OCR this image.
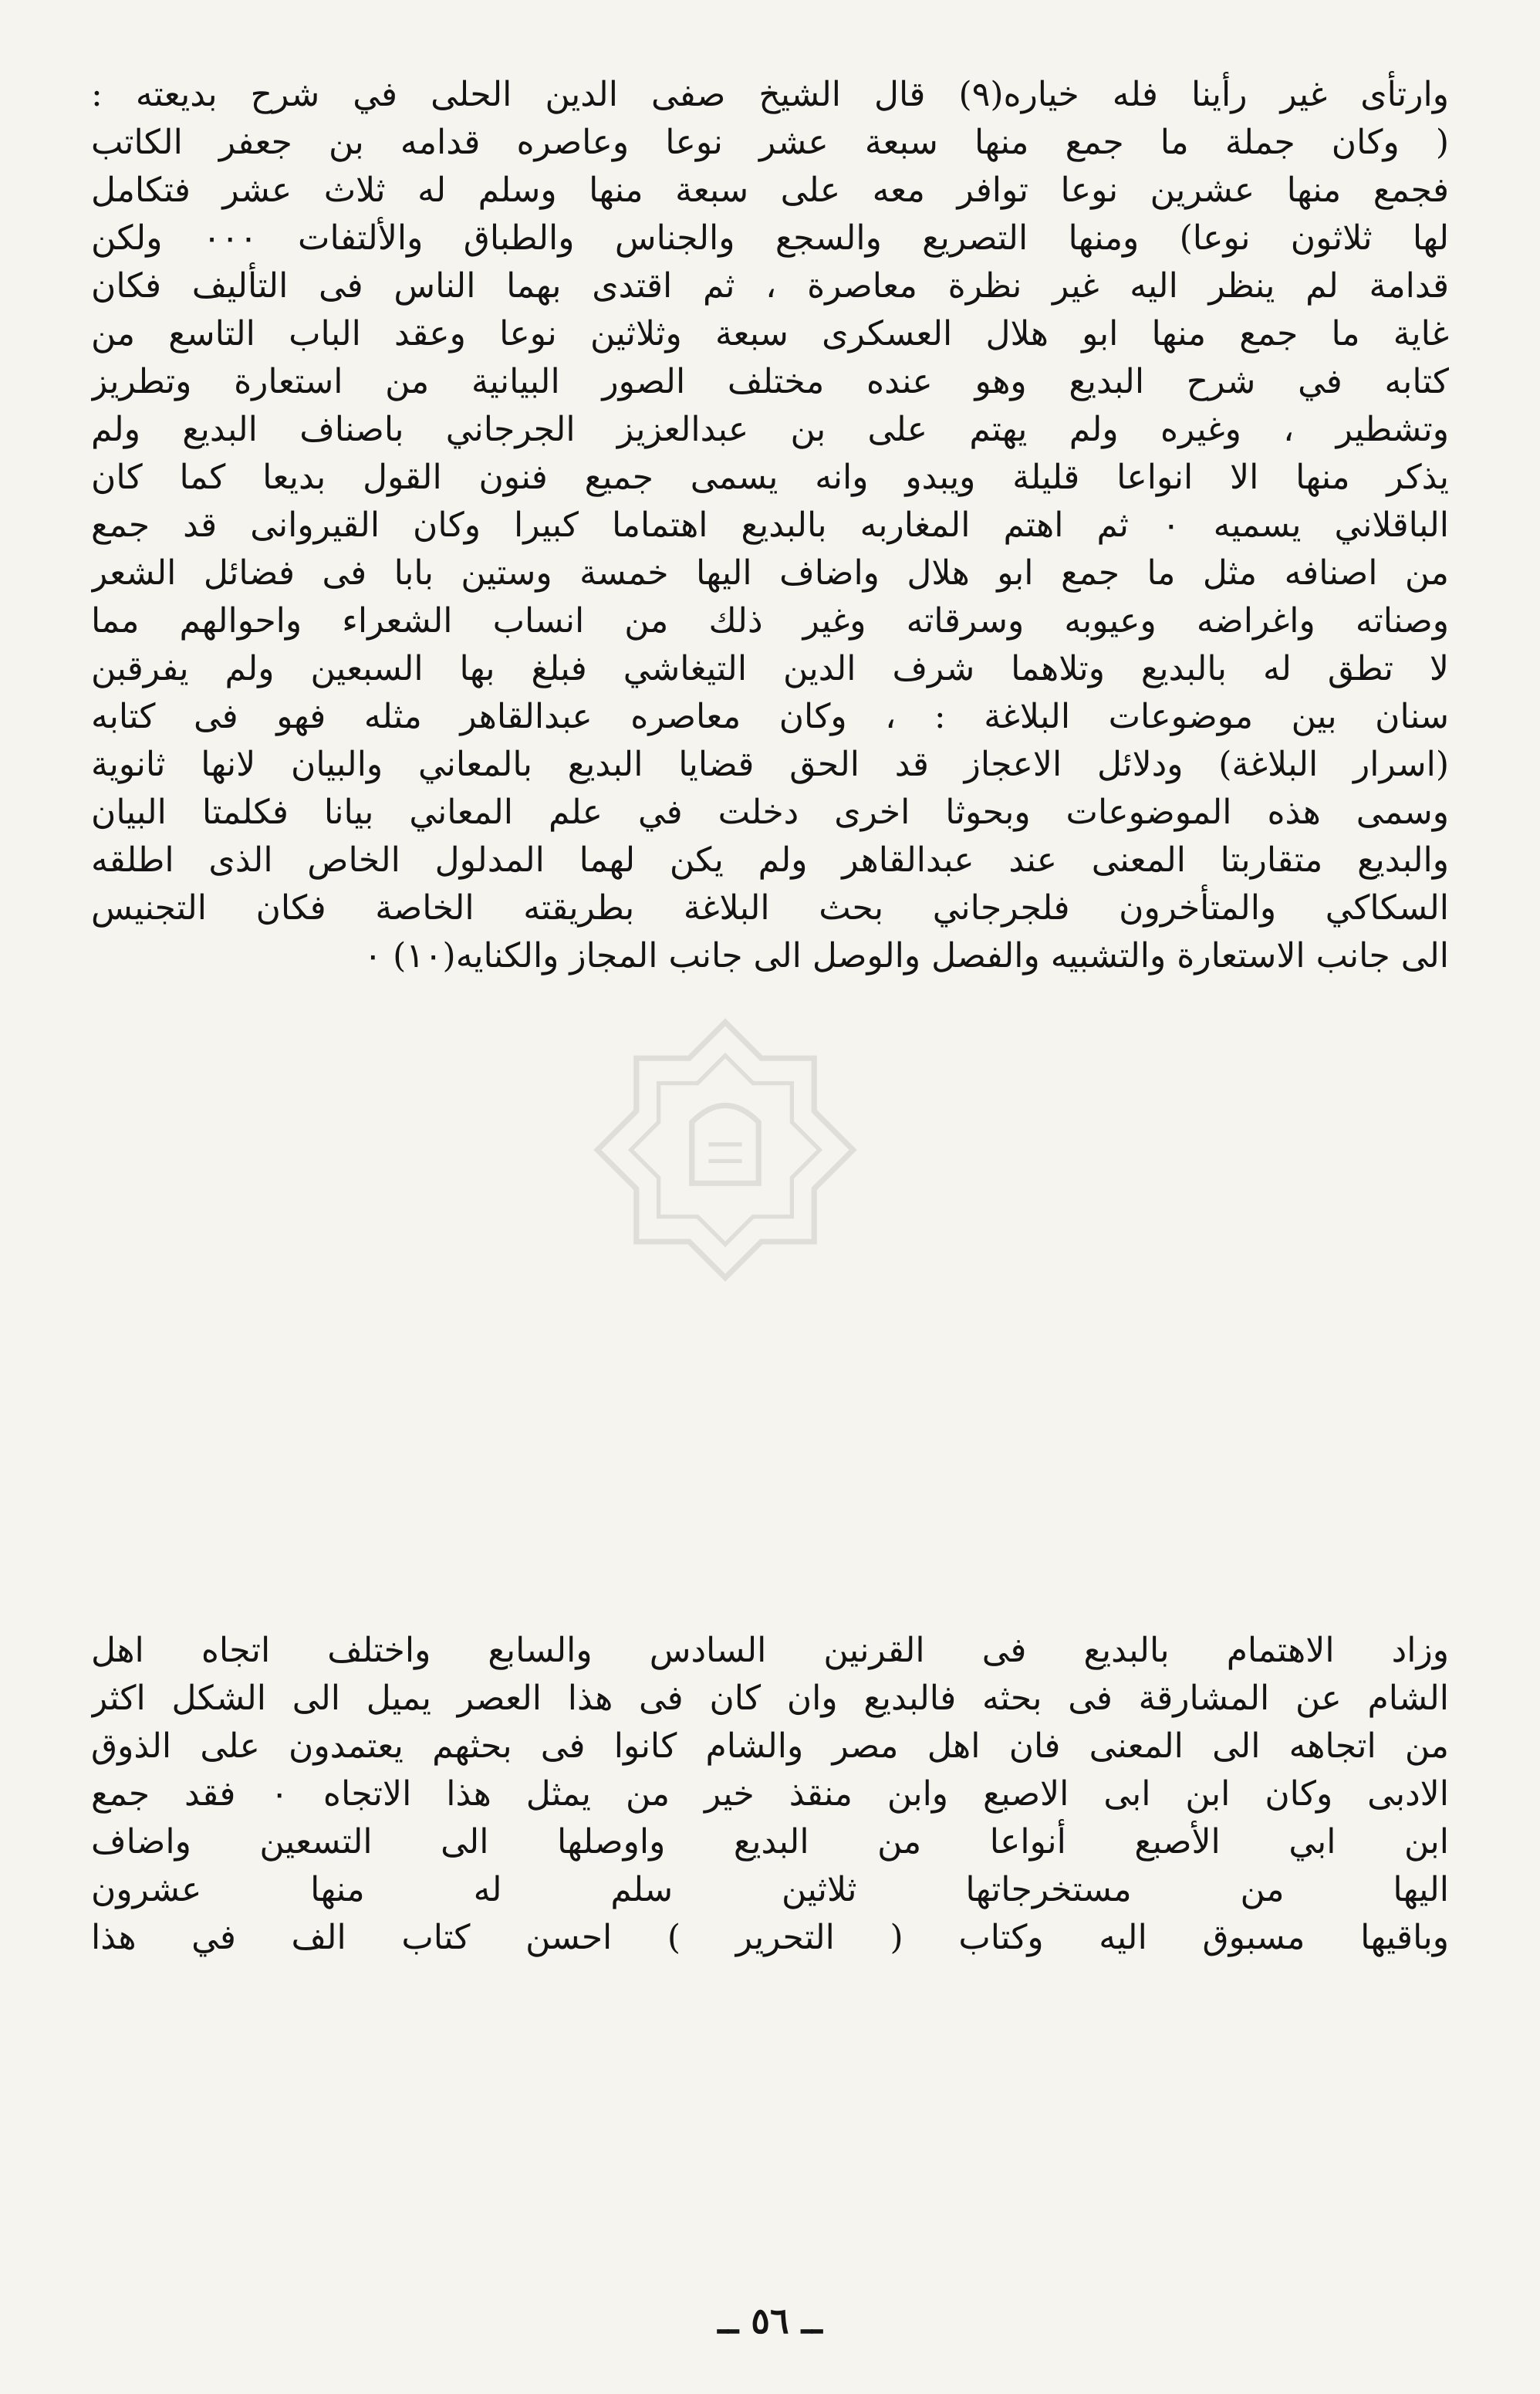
وارتأى غير رأينا فله خياره(٩) قال الشيخ صفى الدين الحلى في شرح بديعته :
( وكان جملة ما جمع منها سبعة عشر نوعا وعاصره قدامه بن جعفر الكاتب
فجمع منها عشرين نوعا توافر معه على سبعة منها وسلم له ثلاث عشر فتكامل
لها ثلاثون نوعا) ومنها التصريع والسجع والجناس والطباق والألتفات ٠٠٠ ولكن
قدامة لم ينظر اليه غير نظرة معاصرة ، ثم اقتدى بهما الناس فى التأليف فكان
غاية ما جمع منها ابو هلال العسكرى سبعة وثلاثين نوعا وعقد الباب التاسع من
كتابه في شرح البديع وهو عنده مختلف الصور البيانية من استعارة وتطريز
وتشطير ، وغيره ولم يهتم على بن عبدالعزيز الجرجاني باصناف البديع ولم
يذكر منها الا انواعا قليلة ويبدو وانه يسمى جميع فنون القول بديعا كما كان
الباقلاني يسميه ٠ ثم اهتم المغاربه بالبديع اهتماما كبيرا وكان القيروانى قد جمع
من اصنافه مثل ما جمع ابو هلال واضاف اليها خمسة وستين بابا فى فضائل الشعر
وصناته واغراضه وعيوبه وسرقاته وغير ذلك من انساب الشعراء واحوالهم مما
لا تطق له بالبديع وتلاهما شرف الدين التيغاشي فبلغ بها السبعين ولم يفرقبن
سنان بين موضوعات البلاغة : ، وكان معاصره عبدالقاهر مثله فهو فى كتابه
(اسرار البلاغة) ودلائل الاعجاز قد الحق قضايا البديع بالمعاني والبيان لانها ثانوية
وسمى هذه الموضوعات وبحوثا اخرى دخلت في علم المعاني بيانا فكلمتا البيان
والبديع متقاربتا المعنى عند عبدالقاهر ولم يكن لهما المدلول الخاص الذى اطلقه
السكاكي والمتأخرون فلجرجاني بحث البلاغة بطريقته الخاصة فكان التجنيس
الى جانب الاستعارة والتشبيه والفصل والوصل الى جانب المجاز والكنايه(١٠) ٠
وزاد الاهتمام بالبديع فى القرنين السادس والسابع واختلف اتجاه اهل
الشام عن المشارقة فى بحثه فالبديع وان كان فى هذا العصر يميل الى الشكل اكثر
من اتجاهه الى المعنى فان اهل مصر والشام كانوا فى بحثهم يعتمدون على الذوق
الادبى وكان ابن ابى الاصبع وابن منقذ خير من يمثل هذا الاتجاه ٠ فقد جمع
ابن ابي الأصبع أنواعا من البديع واوصلها الى التسعين واضاف
اليها من مستخرجاتها ثلاثين سلم له منها عشرون
وباقيها مسبوق اليه وكتاب ( التحرير ) احسن كتاب الف في هذا
ــ ٥٦ ــ
